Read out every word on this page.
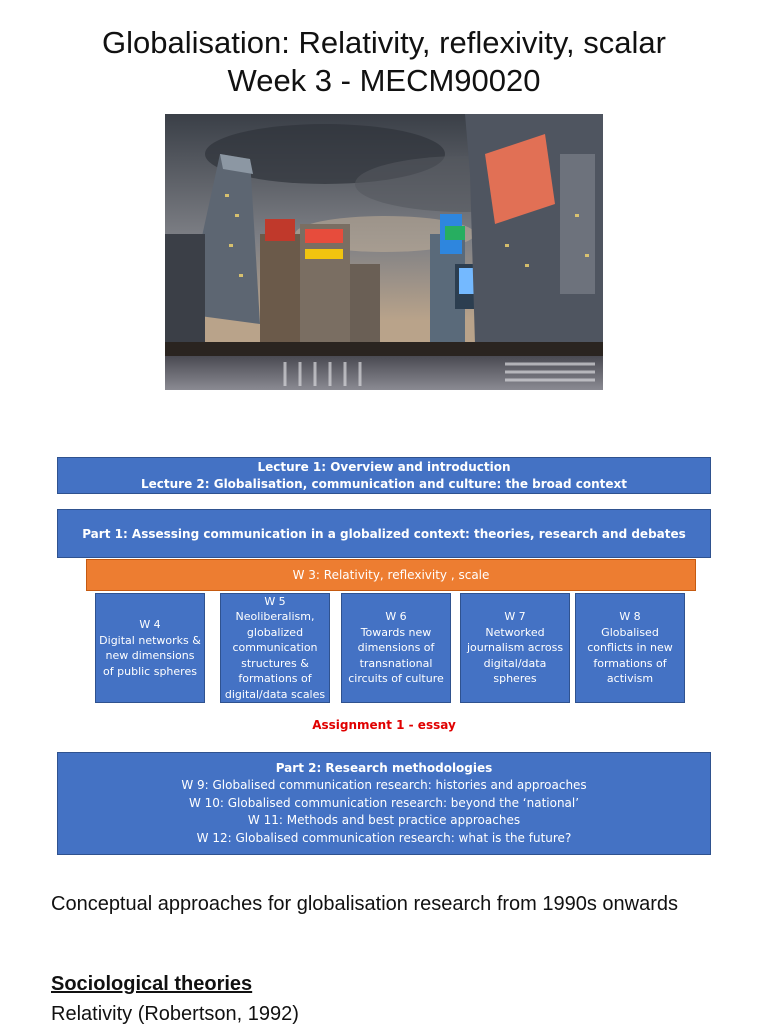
Globalisation: Relativity, reflexivity, scalar
Week 3 - MECM90020
Lecture 1: Overview and introduction
Lecture 2: Globalisation, communication and culture: the broad context
Part 1: Assessing communication in a globalized context: theories, research and debates
W 3: Relativity, reflexivity , scale
W 4
Digital networks & new dimensions of public spheres
W 5
Neoliberalism, globalized communication structures & formations of digital/data scales
W 6
Towards new dimensions of transnational circuits of culture
W 7
Networked journalism across digital/data spheres
W 8
Globalised conflicts in new formations of activism
Assignment 1 - essay
Part 2: Research methodologies
W 9: Globalised communication research: histories and approaches
W 10: Globalised communication research: beyond the ‘national’
W 11: Methods and best practice approaches
W 12: Globalised communication research: what is the future?
Conceptual approaches for globalisation research from 1990s onwards
Sociological theories
Relativity (Robertson, 1992)
